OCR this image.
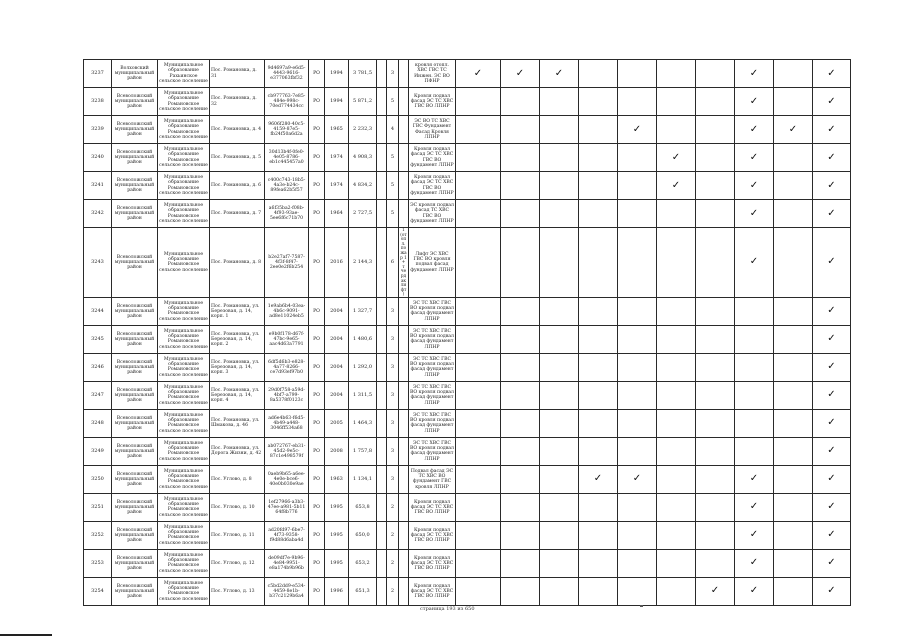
3237	Волховский муниципальный район	Муниципальное образование Рахьинское сельское поселение	Пос. Романовка, д. 31	9d4697a9-e6d5-4443-9616-e377063fbf32	РО	1994	3 781,5		3		кровля отопл. ХВС ГВС ТС Инжен. ЭС ВО ПФНР	✓	✓	✓					✓		✓
3238	Всеволожский муниципальный район	Муниципальное образование Романовское сельское поселение	Пос. Романовка, д. 32	cb977763-7e85-484e-998c-70ed774434cc	РО	1994	5 871,2		5		Кровля подвал фасад ЭС ТС ХВС ГВС ВО ЛПНР								✓		✓
3239	Всеволожский муниципальный район	Муниципальное образование Романовское сельское поселение	Пос. Романовка, д. 4	9606f280-40c5-4159-87e5-fb24f50a6d2a	РО	1965	2 232,3		4		ЭС ВО ТС ХВС ГВС Фундамент Фасад Кровля ЛПНР					✓			✓	✓	✓
3240	Всеволожский муниципальный район	Муниципальное образование Романовское сельское поселение	Пос. Романовка, д. 5	30d13b4f-0fe0-4e05-8786-eb1c445457a0	РО	1974	4 908,3		5		Кровля подвал фасад ЭС ТС ХВС ГВС ВО фундамент ЛПНР						✓		✓		✓
3241	Всеволожский муниципальный район	Муниципальное образование Романовское сельское поселение	Пос. Романовка, д. 6	c400c743-18b5-4a3e-b24c-89fea62b5f57	РО	1974	4 834,2		5		Кровля подвал фасад ЭС ТС ХВС ГВС ВО фундамент ЛПНР						✓		✓		✓
3242	Всеволожский муниципальный район	Муниципальное образование Романовское сельское поселение	Пос. Романовка, д. 7	a6f35ba2-f08b-4f93-93ae-5ee6f6c71b70	РО	1964	2 727,5		5		ЭС кровля подвал фасад ТС ХВС ГВС ВО фундамент ЛПНР								✓		✓
3243	Всеволожский муниципальный район	Муниципальное образование Романовское сельское поселение	Пос. Романовка, д. 8	b2e27af7-7587-4f3f-8f47-2ee0e2f6b254	РО	2016	2 144,3		6	1 (отопл. пожар 1 + т чердак лифт)	Лифт ЭС ХВС ГВС ВО кровля подвал фасад фундамент ЛПНР								✓		✓
3244	Всеволожский муниципальный район	Муниципальное образование Романовское сельское поселение	Пос. Романовка, ул. Березовая, д. 14, корп. 1	1e9ab6b4-03ea-4b6c-9091-ad8e11024eb5	РО	2004	1 327,7		3		ЭС ТС ХВС ГВС ВО кровля подвал фасад фундамент ЛПНР										✓
3245	Всеволожский муниципальный район	Муниципальное образование Романовское сельское поселение	Пос. Романовка, ул. Березовая, д. 14, корп. 2	e9b0f178-d67f-47bc-9e65-aac4d63a7791	РО	2004	1 480,6		3		ЭС ТС ХВС ГВС ВО кровля подвал фасад фундамент ЛПНР										✓
3246	Всеволожский муниципальный район	Муниципальное образование Романовское сельское поселение	Пос. Романовка, ул. Березовая, д. 14, корп. 3	6df5d6b3-e828-4a77-8266-ce7d93ef97b0	РО	2004	1 292,0		3		ЭС ТС ХВС ГВС ВО кровля подвал фасад фундамент ЛПНР										✓
3247	Всеволожский муниципальный район	Муниципальное образование Романовское сельское поселение	Пос. Романовка, ул. Березовая, д. 14, корп. 4	29d0f758-a59d-4bf7-a799-8a5378f0123c	РО	2004	1 311,5		3		ЭС ТС ХВС ГВС ВО кровля подвал фасад фундамент ЛПНР										✓
3248	Всеволожский муниципальный район	Муниципальное образование Романовское сельское поселение	Пос. Романовка, ул. Шмакова, д. 46	ad6e4b63-f6d5-4b49-a448-3046ff534a68	РО	2005	1 464,3		3		ЭС ТС ХВС ГВС ВО кровля подвал фасад фундамент ЛПНР										✓
3249	Всеволожский муниципальный район	Муниципальное образование Романовское сельское поселение	Пос. Романовка, ул. Дорога Жизни, д. 42	ab072767-eb31-45d2-9e5c-87c1e498579f	РО	2008	1 757,8		3		ЭС ТС ХВС ГВС ВО кровля подвал фасад фундамент ЛПНР										✓
3250	Всеволожский муниципальный район	Муниципальное образование Романовское сельское поселение	Пос. Углово, д. 8	0aeb9b65-a6ee-4e0e-bce6-40e0b030e9ae	РО	1963	1 134,1		3		Подвал фасад ЭС ТС ХВС ВО фундамент ГВС кровля ЛПНР				✓	✓			✓		✓
3251	Всеволожский муниципальный район	Муниципальное образование Романовское сельское поселение	Пос. Углово, д. 10	1ef27966-a3b3-47ee-a981-5b11 64f8b776	РО	1995	653,8		2		Кровля подвал фасад ЭС ТС ХВС ГВС ВО ЛПНР								✓		✓
3252	Всеволожский муниципальный район	Муниципальное образование Романовское сельское поселение	Пос. Углово, д. 11	ad20fd97-6be7-4f73-9358-f9d88d6aba4d	РО	1995	650,0		2		Кровля подвал фасад ЭС ТС ХВС ГВС ВО ЛПНР								✓		✓
3253	Всеволожский муниципальный район	Муниципальное образование Романовское сельское поселение	Пос. Углово, д. 12	de09df7e-9b96-4e84-9951-e8a174b9b96b	РО	1995	653,2		2		Кровля подвал фасад ЭС ТС ХВС ГВС ВО ЛПНР								✓		✓
3254	Всеволожский муниципальный район	Муниципальное образование Романовское сельское поселение	Пос. Углово, д. 13	c5bd2dd9-e534-4459-8e1b-b37c2129b6a4	РО	1996	651,3		2		Кровля подвал фасад ЭС ТС ХВС ГВС ВО ЛПНР							✓	✓		✓
страница 193 из 650
